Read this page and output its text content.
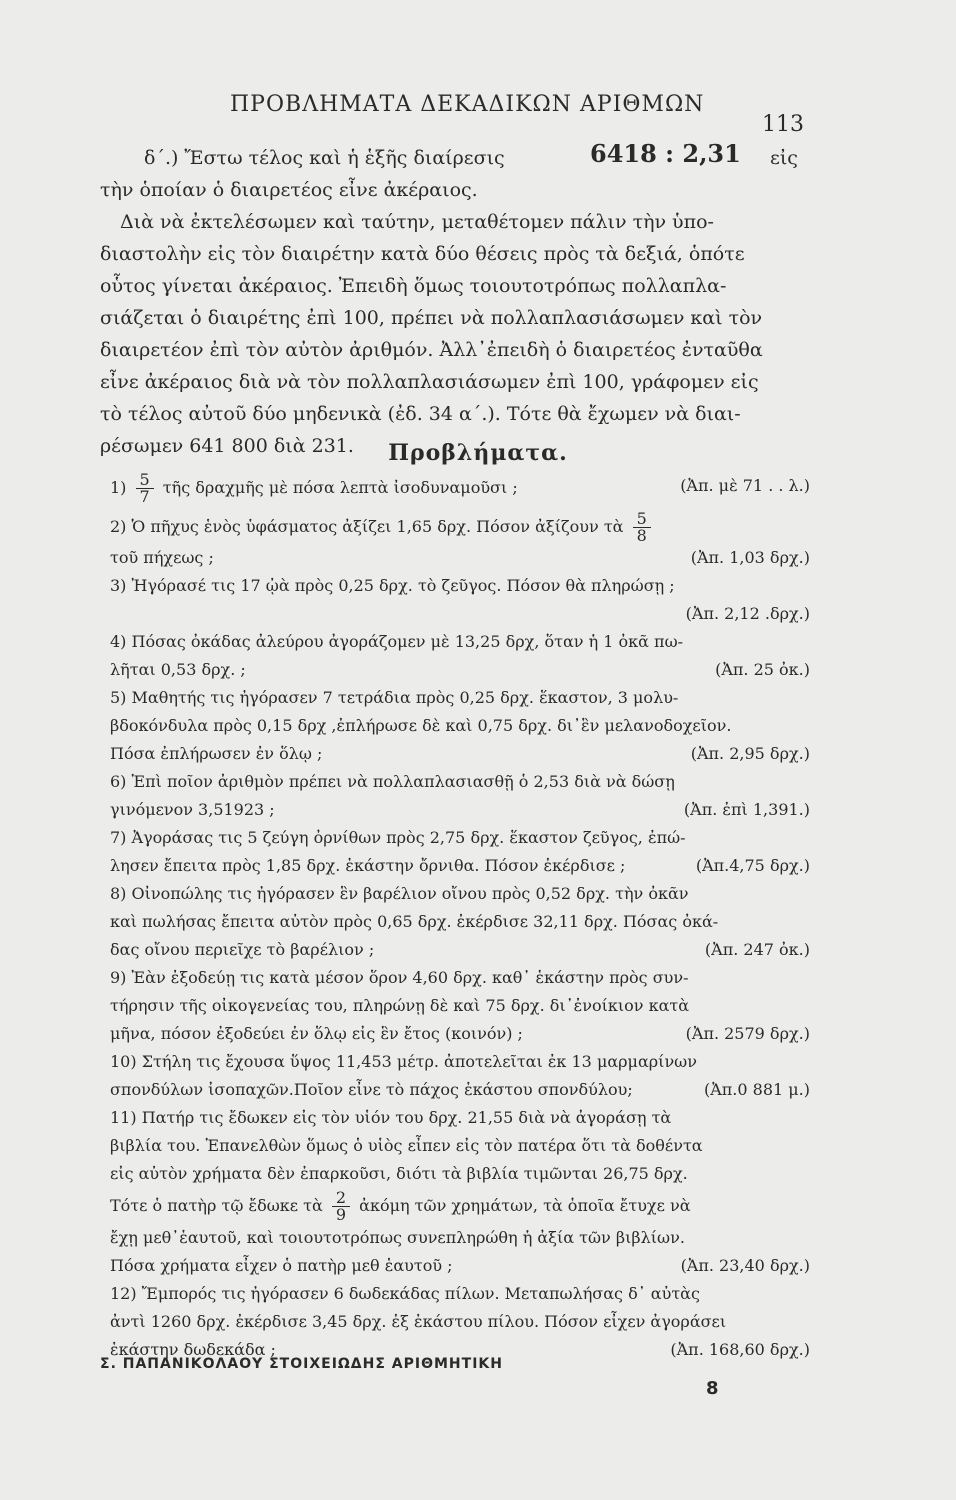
ΠΡΟΒΛΗΜΑΤΑ ΔΕΚΑΔΙΚΩΝ ΑΡΙΘΜΩΝ
113
δ΄.) Ἔστω τέλος καὶ ἡ ἑξῆς διαίρεσις	6418 : 2,31 εἰς
τὴν ὁποίαν ὁ διαιρετέος εἶνε ἀκέραιος.
Διὰ νὰ ἐκτελέσωμεν καὶ ταύτην, μεταθέτομεν πάλιν τὴν ὑπο-
διαστολὴν εἰς τὸν διαιρέτην κατὰ δύο θέσεις πρὸς τὰ δεξιά, ὁπότε
οὗτος γίνεται ἀκέραιος. Ἐπειδὴ ὅμως τοιουτοτρόπως πολλαπλα-
σιάζεται ὁ διαιρέτης ἐπὶ 100, πρέπει νὰ πολλαπλασιάσωμεν καὶ τὸν
διαιρετέον ἐπὶ τὸν αὐτὸν ἀριθμόν. Ἀλλ᾽ἐπειδὴ ὁ διαιρετέος ἐνταῦθα
εἶνε ἀκέραιος διὰ νὰ τὸν πολλαπλασιάσωμεν ἐπὶ 100, γράφομεν εἰς
τὸ τέλος αὐτοῦ δύο μηδενικὰ (ἐδ. 34 α΄.). Τότε θὰ ἔχωμεν νὰ διαι-
ρέσωμεν 641 800 διὰ 231.	Προβλήματα.
$1) \frac{5}{7}$ τῆς δραχμῆς μὲ πόσα λεπτὰ ἰσοδυναμοῦσι ;	(Ἀπ. μὲ 71 . . λ.)
2) Ὁ πῆχυς ἑνὸς ὑφάσματος ἀξίζει 1,65 δρχ. Πόσον ἀξίζουν τὰ $\frac{5}{8}$
τοῦ πήχεως ;	(Ἀπ. 1,03 δρχ.)
3) Ἠγόρασέ τις 17 ᾠὰ πρὸς 0,25 δρχ. τὸ ζεῦγος. Πόσον θὰ πληρώσῃ ;
(Ἀπ. 2,12 .δρχ.)

4) Πόσας ὀκάδας ἀλεύρου ἀγοράζομεν μὲ 13,25 δρχ, ὅταν ἡ 1 ὀκᾶ πω-
λῆται 0,53 δρχ. ;	(Ἀπ. 25 ὀκ.)
5) Μαθητής τις ἠγόρασεν 7 τετράδια πρὸς 0,25 δρχ. ἕκαστον, 3 μολυ-
βδοκόνδυλα πρὸς 0,15 δρχ ,ἐπλήρωσε δὲ καὶ 0,75 δρχ. δι᾽ἓν μελανοδοχεῖον.
Πόσα ἐπλήρωσεν ἐν ὅλῳ ;	(Ἀπ. 2,95 δρχ.)
6) Ἐπὶ ποῖον ἀριθμὸν πρέπει νὰ πολλαπλασιασθῇ ὁ 2,53 διὰ νὰ δώσῃ
γινόμενον 3,51923 ;	(Ἀπ. ἐπὶ 1,391.)
7) Ἀγοράσας τις 5 ζεύγη ὀρνίθων πρὸς 2,75 δρχ. ἕκαστον ζεῦγος, ἐπώ-
λησεν ἔπειτα πρὸς 1,85 δρχ. ἑκάστην ὄρνιθα. Πόσον ἐκέρδισε ;	(Ἀπ.4,75 δρχ.)
8) Οἰνοπώλης τις ἠγόρασεν ἓν βαρέλιον οἴνου πρὸς 0,52 δρχ. τὴν ὀκᾶν
καὶ πωλήσας ἔπειτα αὐτὸν πρὸς 0,65 δρχ. ἐκέρδισε 32,11 δρχ. Πόσας ὀκά-
δας οἴνου περιεῖχε τὸ βαρέλιον ;	(Ἀπ. 247 ὀκ.)
9) Ἐὰν ἐξοδεύῃ τις κατὰ μέσον ὅρον 4,60 δρχ. καθ᾽ ἑκάστην πρὸς συν-
τήρησιν τῆς οἰκογενείας του, πληρώνῃ δὲ καὶ 75 δρχ. δι᾽ἐνοίκιον κατὰ
μῆνα, πόσον ἐξοδεύει ἐν ὅλῳ εἰς ἓν ἔτος (κοινόν) ;	(Ἀπ. 2579 δρχ.)
10) Στήλη τις ἔχουσα ὕψος 11,453 μέτρ. ἀποτελεῖται ἐκ 13 μαρμαρίνων
σπονδύλων ἰσοπαχῶν.Ποῖον εἶνε τὸ πάχος ἑκάστου σπονδύλου;	(Ἀπ.0 881 μ.)
11) Πατήρ τις ἔδωκεν εἰς τὸν υἱόν του δρχ. 21,55 διὰ νὰ ἀγοράσῃ τὰ
βιβλία του. Ἐπανελθὼν ὅμως ὁ υἱὸς εἶπεν εἰς τὸν πατέρα ὅτι τὰ δοθέντα
εἰς αὐτὸν χρήματα δὲν ἐπαρκοῦσι, διότι τὰ βιβλία τιμῶνται 26,75 δρχ.
Τότε ὁ πατὴρ τῷ ἔδωκε τὰ $\frac{2}{9}$ ἀκόμη τῶν χρημάτων, τὰ ὁποῖα ἔτυχε νὰ
ἔχῃ μεθ᾽ἑαυτοῦ, καὶ τοιουτοτρόπως συνεπληρώθη ἡ ἀξία τῶν βιβλίων.
Πόσα χρήματα εἶχεν ὁ πατὴρ μεθ ἑαυτοῦ ;	(Ἀπ. 23,40 δρχ.)
12) Ἔμπορός τις ἠγόρασεν 6 δωδεκάδας πίλων. Μεταπωλήσας δ᾽ αὐτὰς
ἀντὶ 1260 δρχ. ἐκέρδισε 3,45 δρχ. ἐξ ἑκάστου πίλου. Πόσον εἶχεν ἀγοράσει
ἑκάστην δωδεκάδα ;	(Ἀπ. 168,60 δρχ.)
Σ. ΠΑΠΑΝΙΚΟΛΑΟΥ ΣΤΟΙΧΕΙΩΔΗΣ ΑΡΙΘΜΗΤΙΚΗ
8
